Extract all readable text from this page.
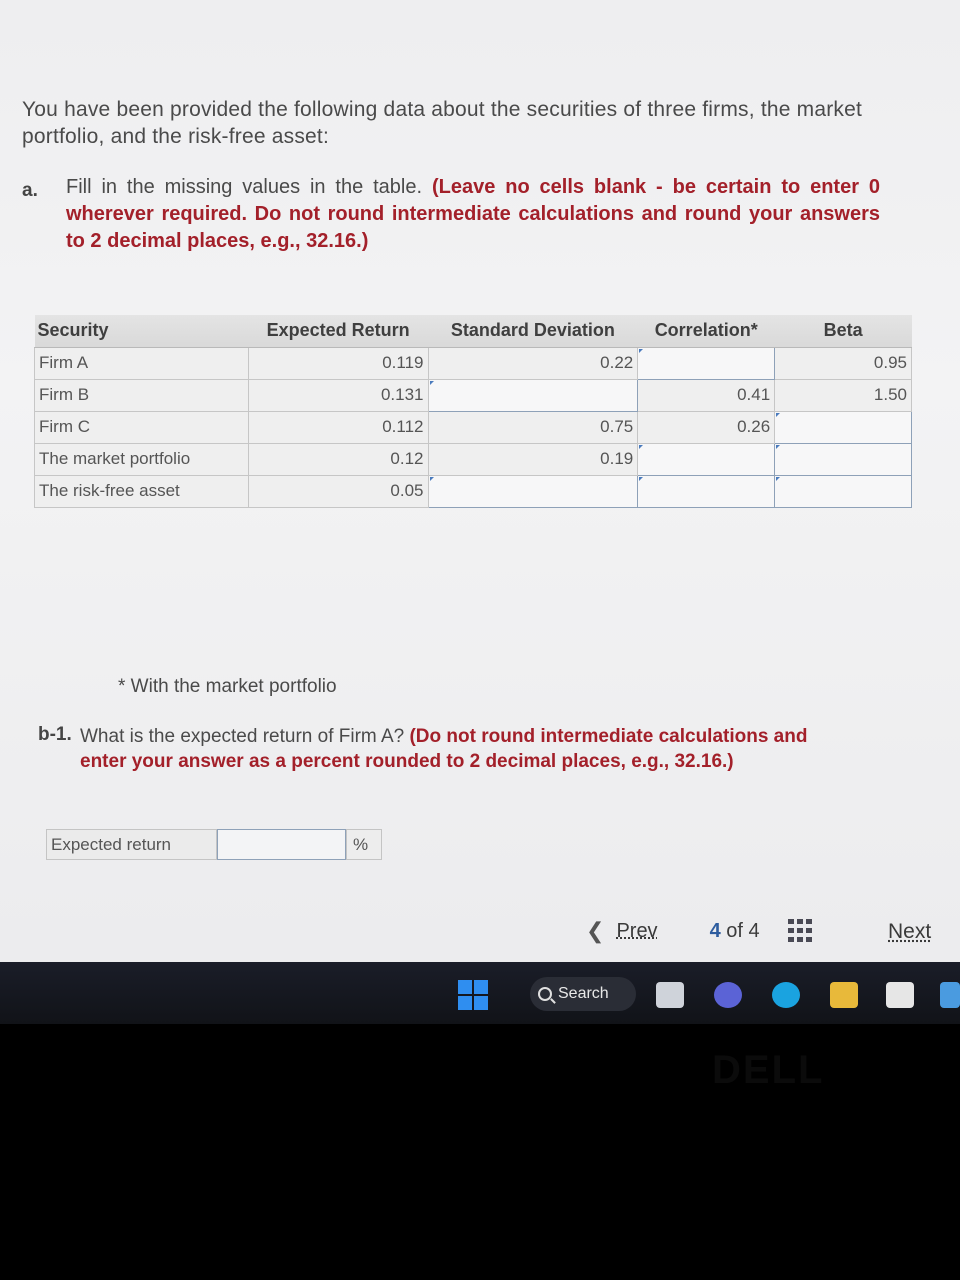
You have been provided the following data about the securities of three firms, the market portfolio, and the risk-free asset:

a. Fill in the missing values in the table. (Leave no cells blank - be certain to enter 0 wherever required. Do not round intermediate calculations and round your answers to 2 decimal places, e.g., 32.16.)

Security	Expected Return	Standard Deviation	Correlation*	Beta
Firm A	0.119	0.22		0.95
Firm B	0.131		0.41	1.50
Firm C	0.112	0.75	0.26	
The market portfolio	0.12	0.19		
The risk-free asset	0.05			

* With the market portfolio

b-1. What is the expected return of Firm A? (Do not round intermediate calculations and enter your answer as a percent rounded to 2 decimal places, e.g., 32.16.)

Expected return	%
❮ Prev	4 of 4	Next
Search
DELL
